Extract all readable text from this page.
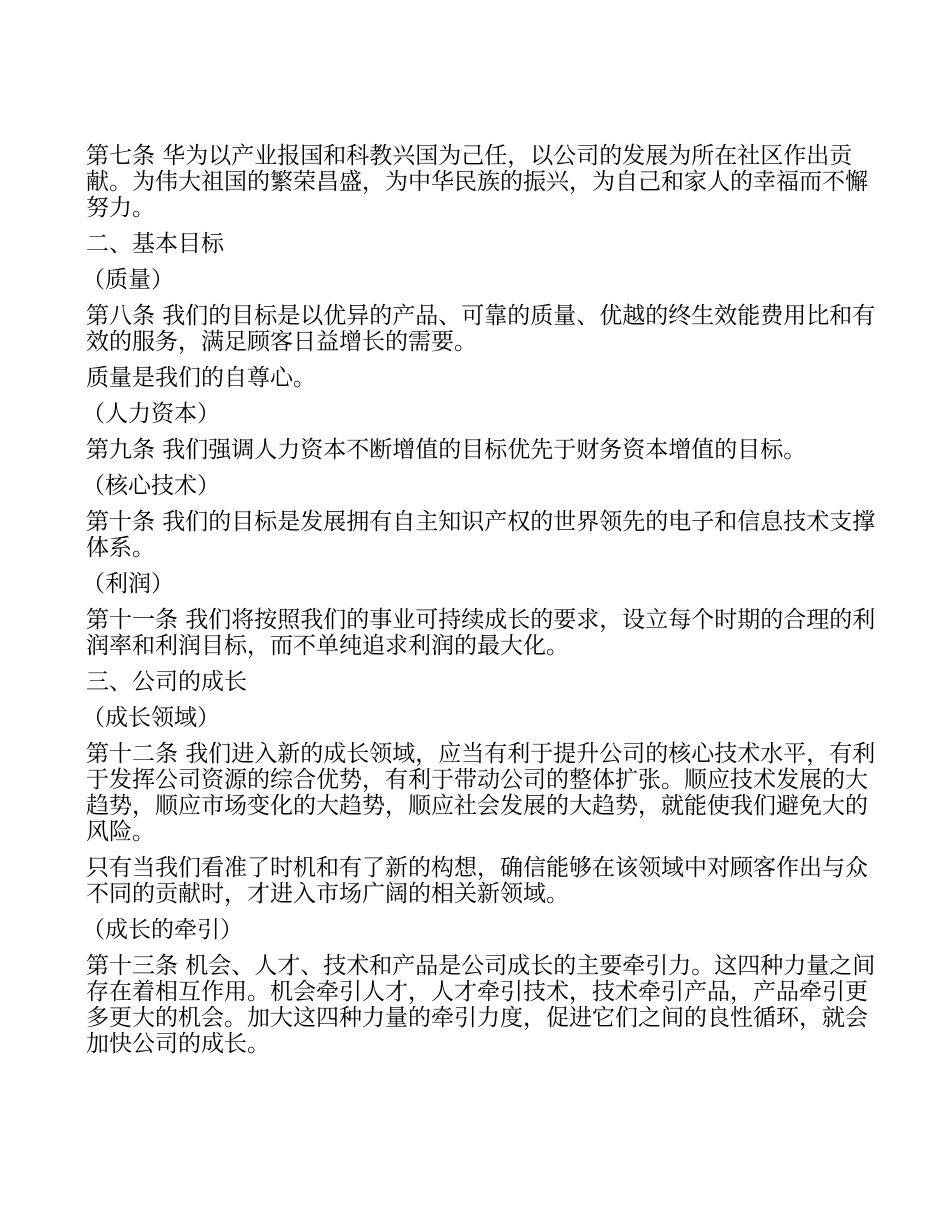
第七条 华为以产业报国和科教兴国为己任，以公司的发展为所在社区作出贡献。为伟大祖国的繁荣昌盛，为中华民族的振兴，为自己和家人的幸福而不懈努力。

二、基本目标

（质量）

第八条 我们的目标是以优异的产品、可靠的质量、优越的终生效能费用比和有效的服务，满足顾客日益增长的需要。

质量是我们的自尊心。

（人力资本）

第九条 我们强调人力资本不断增值的目标优先于财务资本增值的目标。

（核心技术）

第十条 我们的目标是发展拥有自主知识产权的世界领先的电子和信息技术支撑体系。

（利润）

第十一条 我们将按照我们的事业可持续成长的要求，设立每个时期的合理的利润率和利润目标，而不单纯追求利润的最大化。

三、公司的成长

（成长领域）

第十二条 我们进入新的成长领域，应当有利于提升公司的核心技术水平，有利于发挥公司资源的综合优势，有利于带动公司的整体扩张。顺应技术发展的大趋势，顺应市场变化的大趋势，顺应社会发展的大趋势，就能使我们避免大的风险。

只有当我们看准了时机和有了新的构想，确信能够在该领域中对顾客作出与众不同的贡献时，才进入市场广阔的相关新领域。

（成长的牵引）

第十三条 机会、人才、技术和产品是公司成长的主要牵引力。这四种力量之间存在着相互作用。机会牵引人才，人才牵引技术，技术牵引产品，产品牵引更多更大的机会。加大这四种力量的牵引力度，促进它们之间的良性循环，就会加快公司的成长。
